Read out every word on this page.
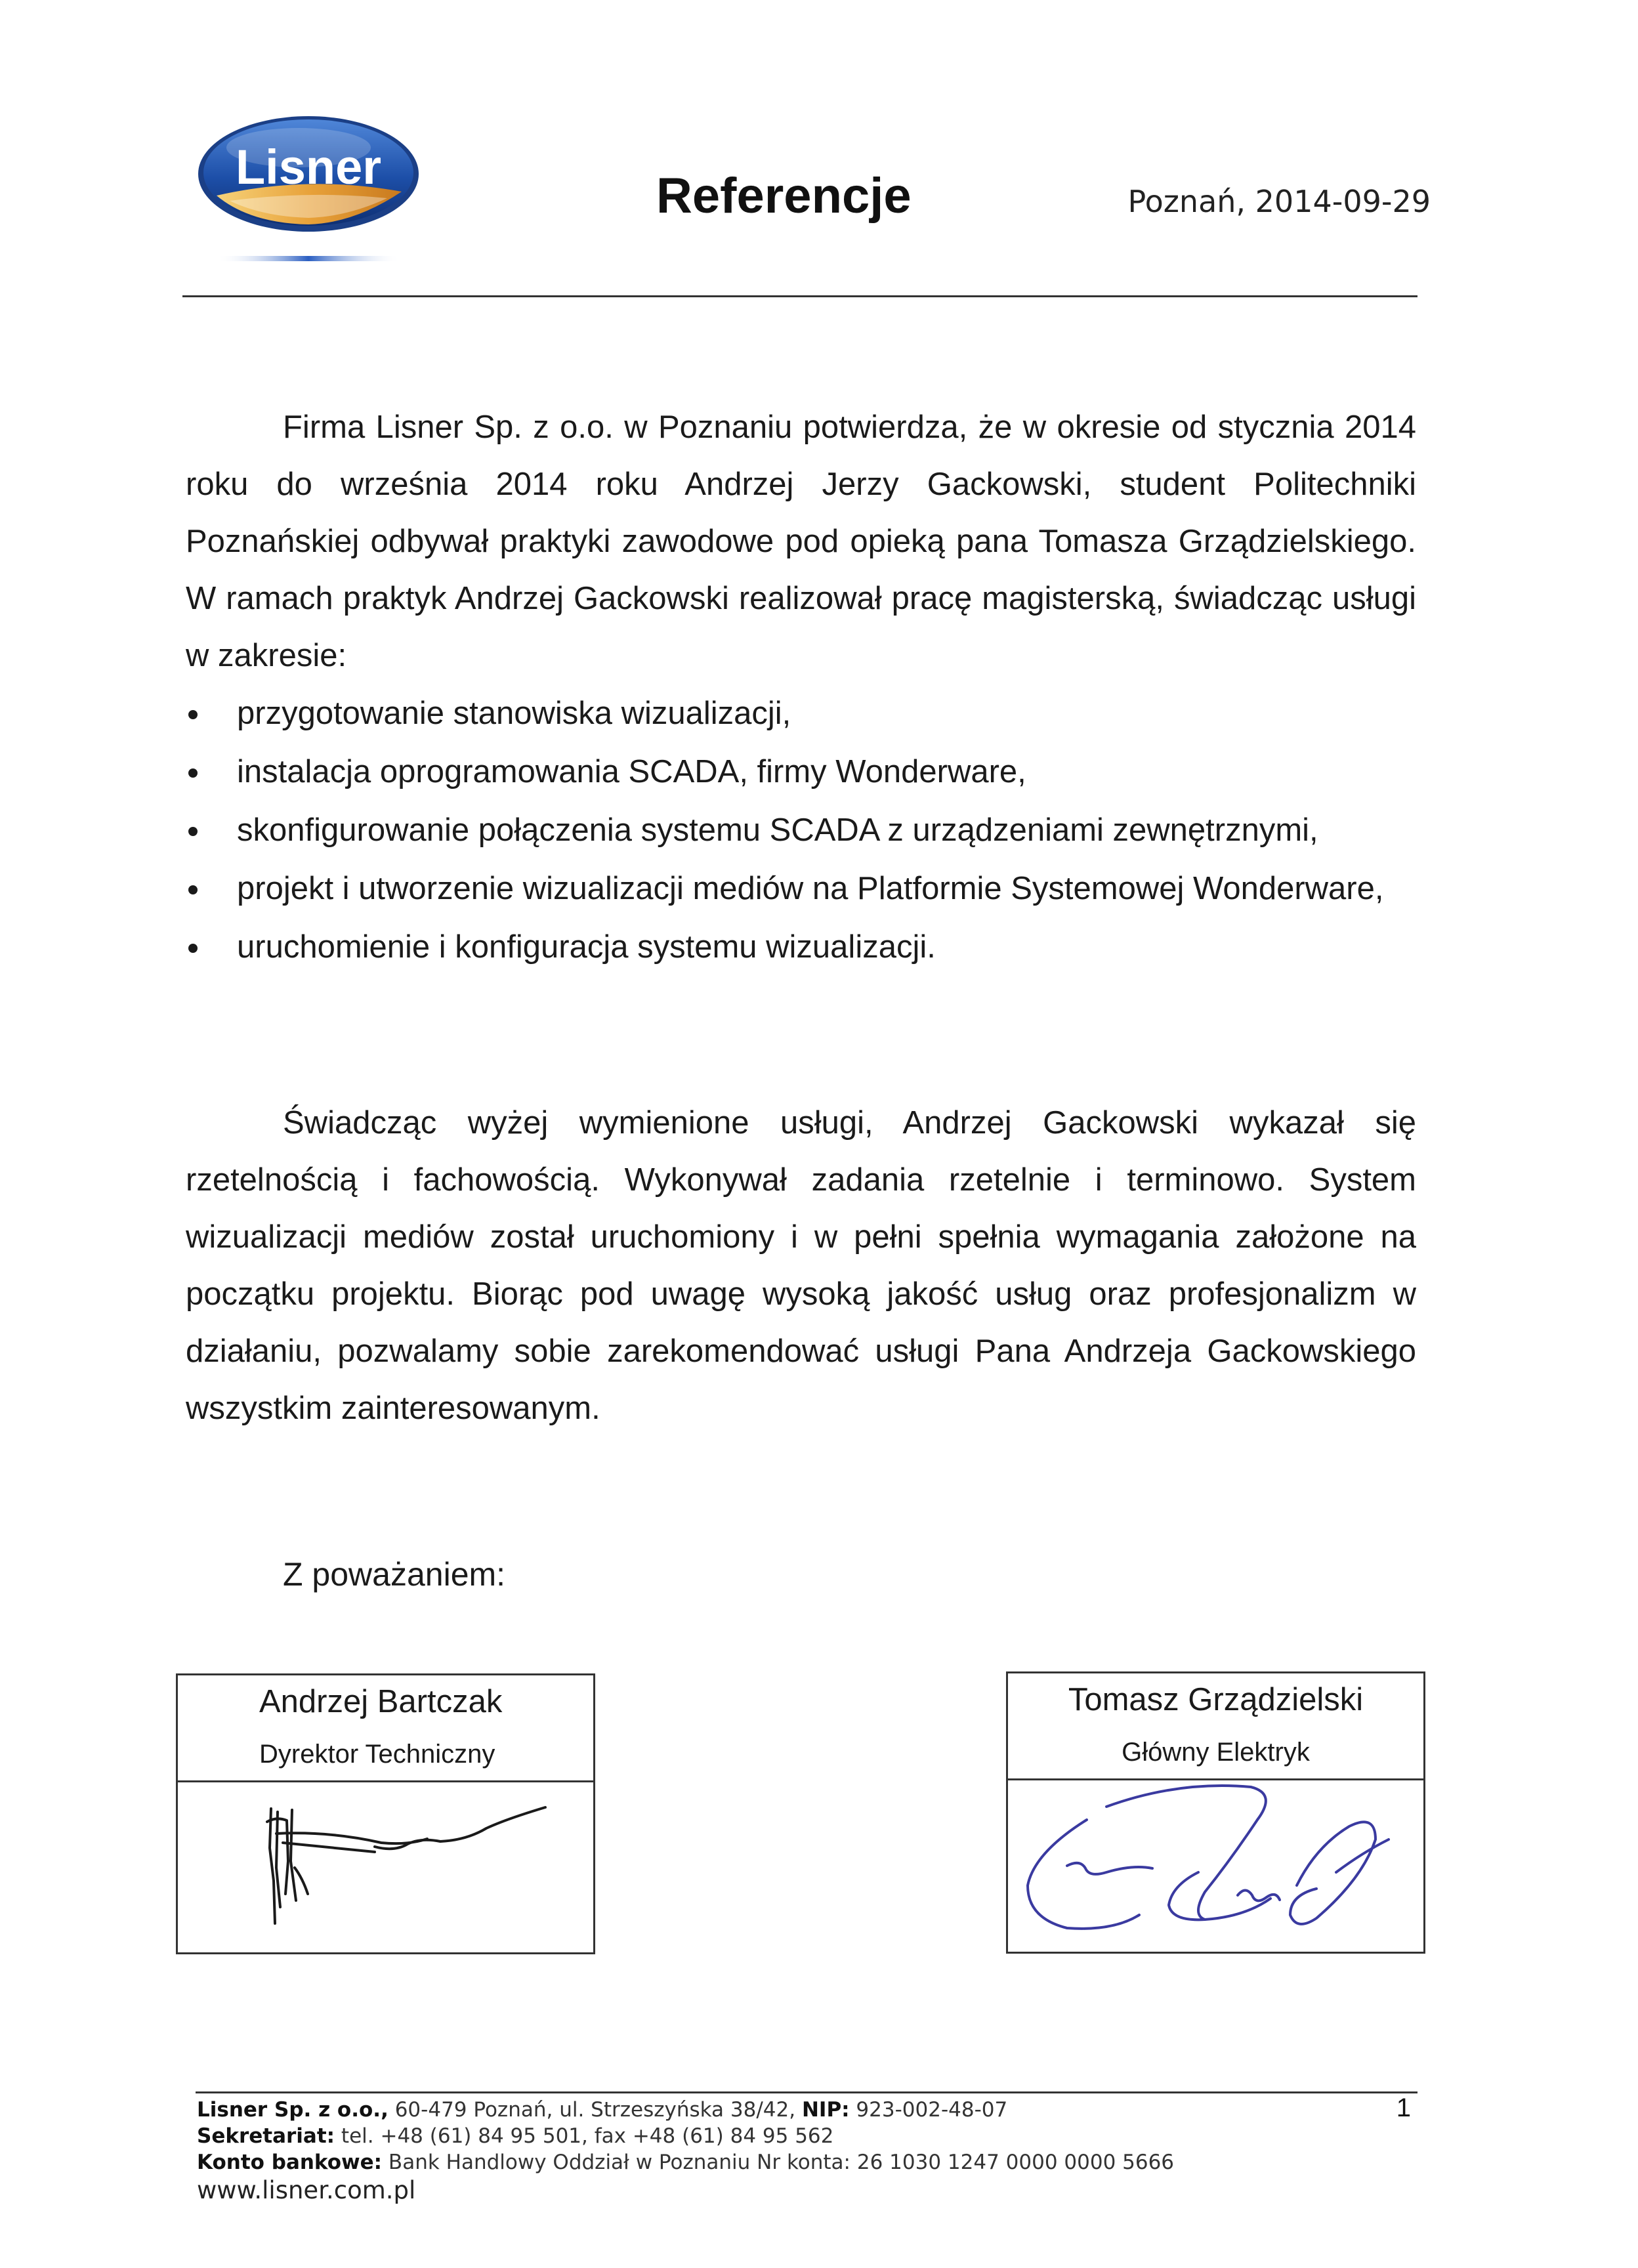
Lisner
Referencje	Poznań, 2014-09-29

Firma Lisner Sp. z o.o. w Poznaniu potwierdza, że w okresie od stycznia 2014 roku do września 2014 roku Andrzej Jerzy Gackowski, student Politechniki Poznańskiej odbywał praktyki zawodowe pod opieką pana Tomasza Grządzielskiego. W ramach praktyk Andrzej Gackowski realizował pracę magisterską, świadcząc usługi w zakresie:

przygotowanie stanowiska wizualizacji,
instalacja oprogramowania SCADA, firmy Wonderware,
skonfigurowanie połączenia systemu SCADA z urządzeniami zewnętrznymi,
projekt i utworzenie wizualizacji mediów na Platformie Systemowej Wonderware,
uruchomienie i konfiguracja systemu wizualizacji.

Świadcząc wyżej wymienione usługi, Andrzej Gackowski wykazał się rzetelnością i fachowością. Wykonywał zadania rzetelnie i terminowo. System wizualizacji mediów został uruchomiony i w pełni spełnia wymagania założone na początku projektu. Biorąc pod uwagę wysoką jakość usług oraz profesjonalizm w działaniu, pozwalamy sobie zarekomendować usługi Pana Andrzeja Gackowskiego wszystkim zainteresowanym.

Z poważaniem:
Andrzej Bartczak
Dyrektor Techniczny
Tomasz Grządzielski
Główny Elektryk
Lisner Sp. z o.o., 60-479 Poznań, ul. Strzeszyńska 38/42, NIP: 923-002-48-07
Sekretariat: tel. +48 (61) 84 95 501, fax +48 (61) 84 95 562
Konto bankowe: Bank Handlowy Oddział w Poznaniu Nr konta: 26 1030 1247 0000 0000 5666
www.lisner.com.pl
1
